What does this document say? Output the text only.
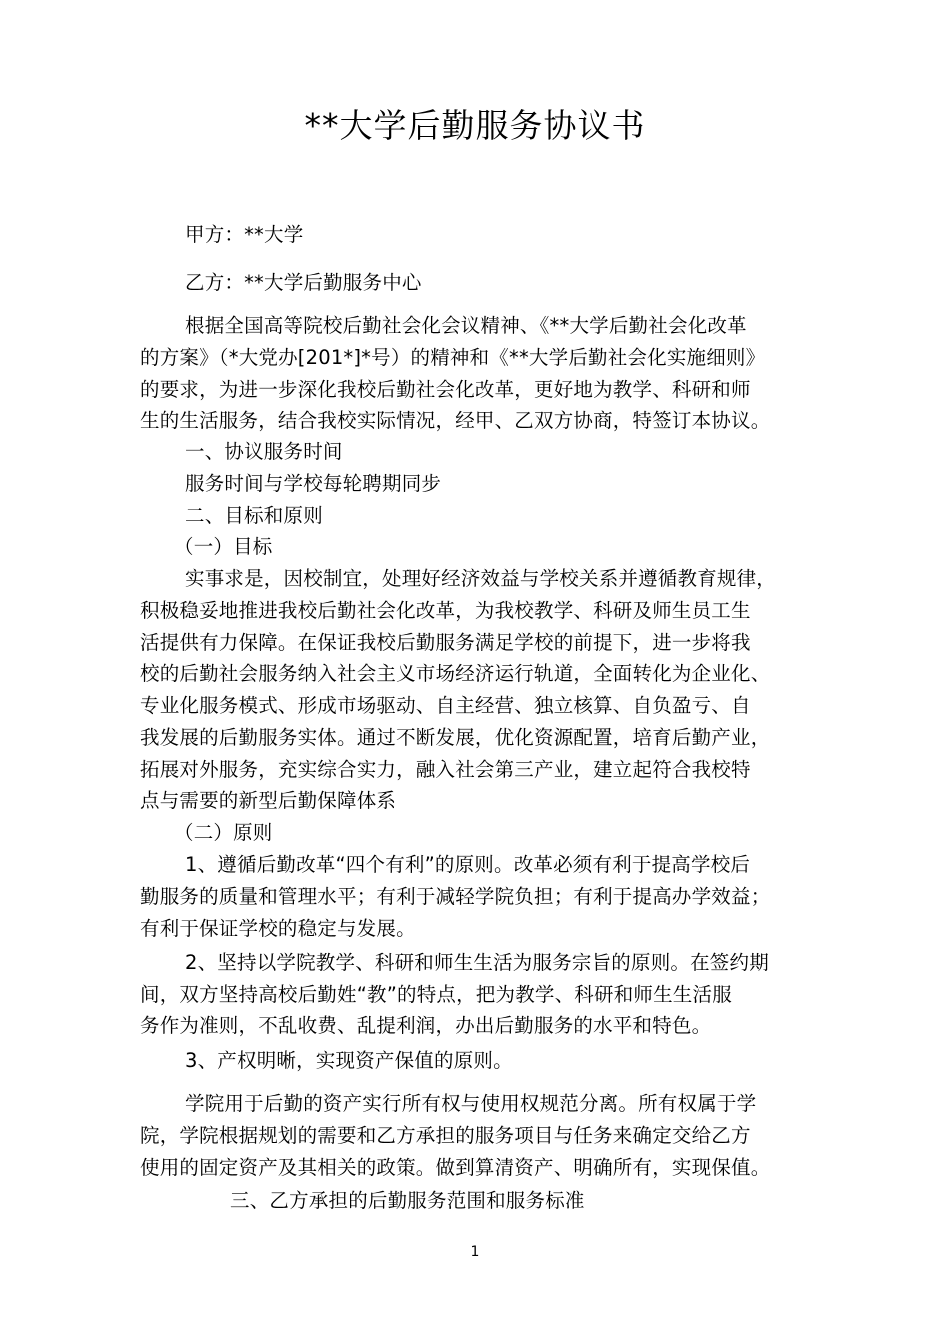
**大学后勤服务协议书
甲方：**大学
乙方：**大学后勤服务中心
根据全国高等院校后勤社会化会议精神、《**大学后勤社会化改革
的方案》（*大党办[201*]*号）的精神和《**大学后勤社会化实施细则》
的要求，为进一步深化我校后勤社会化改革，更好地为教学、科研和师
生的生活服务，结合我校实际情况，经甲、乙双方协商，特签订本协议。
一、协议服务时间
服务时间与学校每轮聘期同步
二、目标和原则
（一）目标
实事求是，因校制宜，处理好经济效益与学校关系并遵循教育规律，
积极稳妥地推进我校后勤社会化改革，为我校教学、科研及师生员工生
活提供有力保障。在保证我校后勤服务满足学校的前提下，进一步将我
校的后勤社会服务纳入社会主义市场经济运行轨道，全面转化为企业化、
专业化服务模式、形成市场驱动、自主经营、独立核算、自负盈亏、自
我发展的后勤服务实体。通过不断发展，优化资源配置，培育后勤产业，
拓展对外服务，充实综合实力，融入社会第三产业，建立起符合我校特
点与需要的新型后勤保障体系
（二）原则
1、遵循后勤改革“四个有利”的原则。改革必须有利于提高学校后
勤服务的质量和管理水平；有利于减轻学院负担；有利于提高办学效益；
有利于保证学校的稳定与发展。
2、坚持以学院教学、科研和师生生活为服务宗旨的原则。在签约期
间，双方坚持高校后勤姓“教”的特点，把为教学、科研和师生生活服
务作为准则，不乱收费、乱提利润，办出后勤服务的水平和特色。
3、产权明晰，实现资产保值的原则。
学院用于后勤的资产实行所有权与使用权规范分离。所有权属于学
院，学院根据规划的需要和乙方承担的服务项目与任务来确定交给乙方
使用的固定资产及其相关的政策。做到算清资产、明确所有，实现保值。
三、乙方承担的后勤服务范围和服务标准
1
